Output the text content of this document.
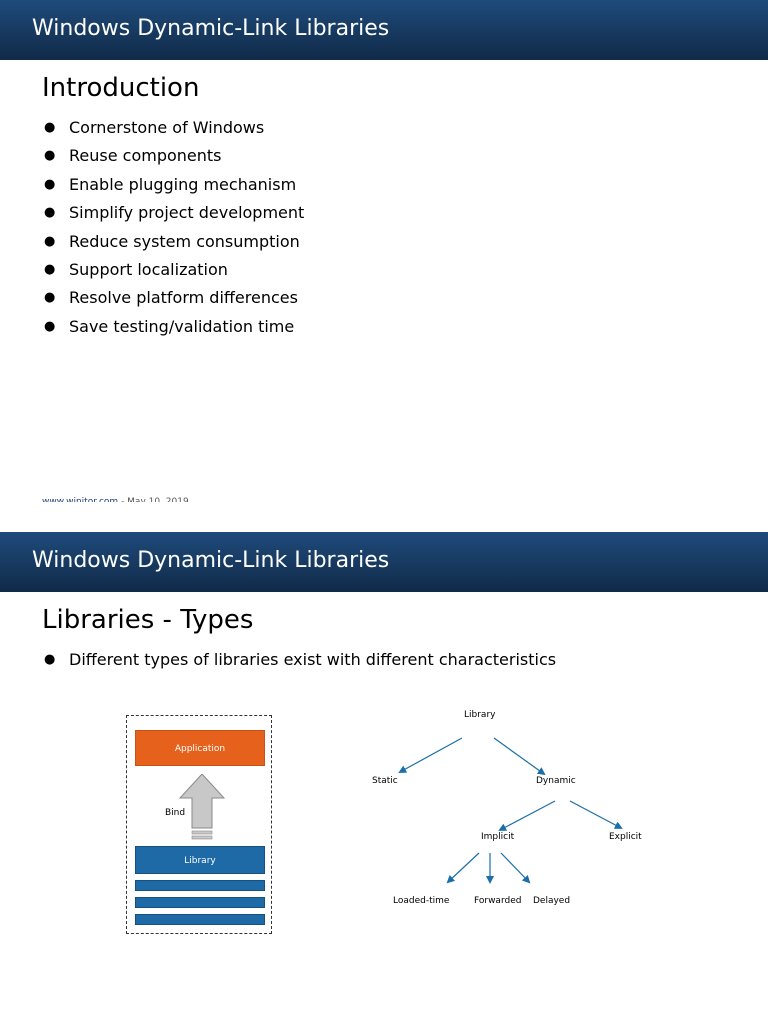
Windows Dynamic-Link Libraries
Introduction
● Cornerstone of Windows
● Reuse components
● Enable plugging mechanism
● Simplify project development
● Reduce system consumption
● Support localization
● Resolve platform differences
● Save testing/validation time
Windows Dynamic-Link Libraries
Libraries - Types
● Different types of libraries exist with different characteristics
Application
Bind
Library
Library
Static	Dynamic
Implicit	Explicit
Loaded-time	Forwarded Delayed
